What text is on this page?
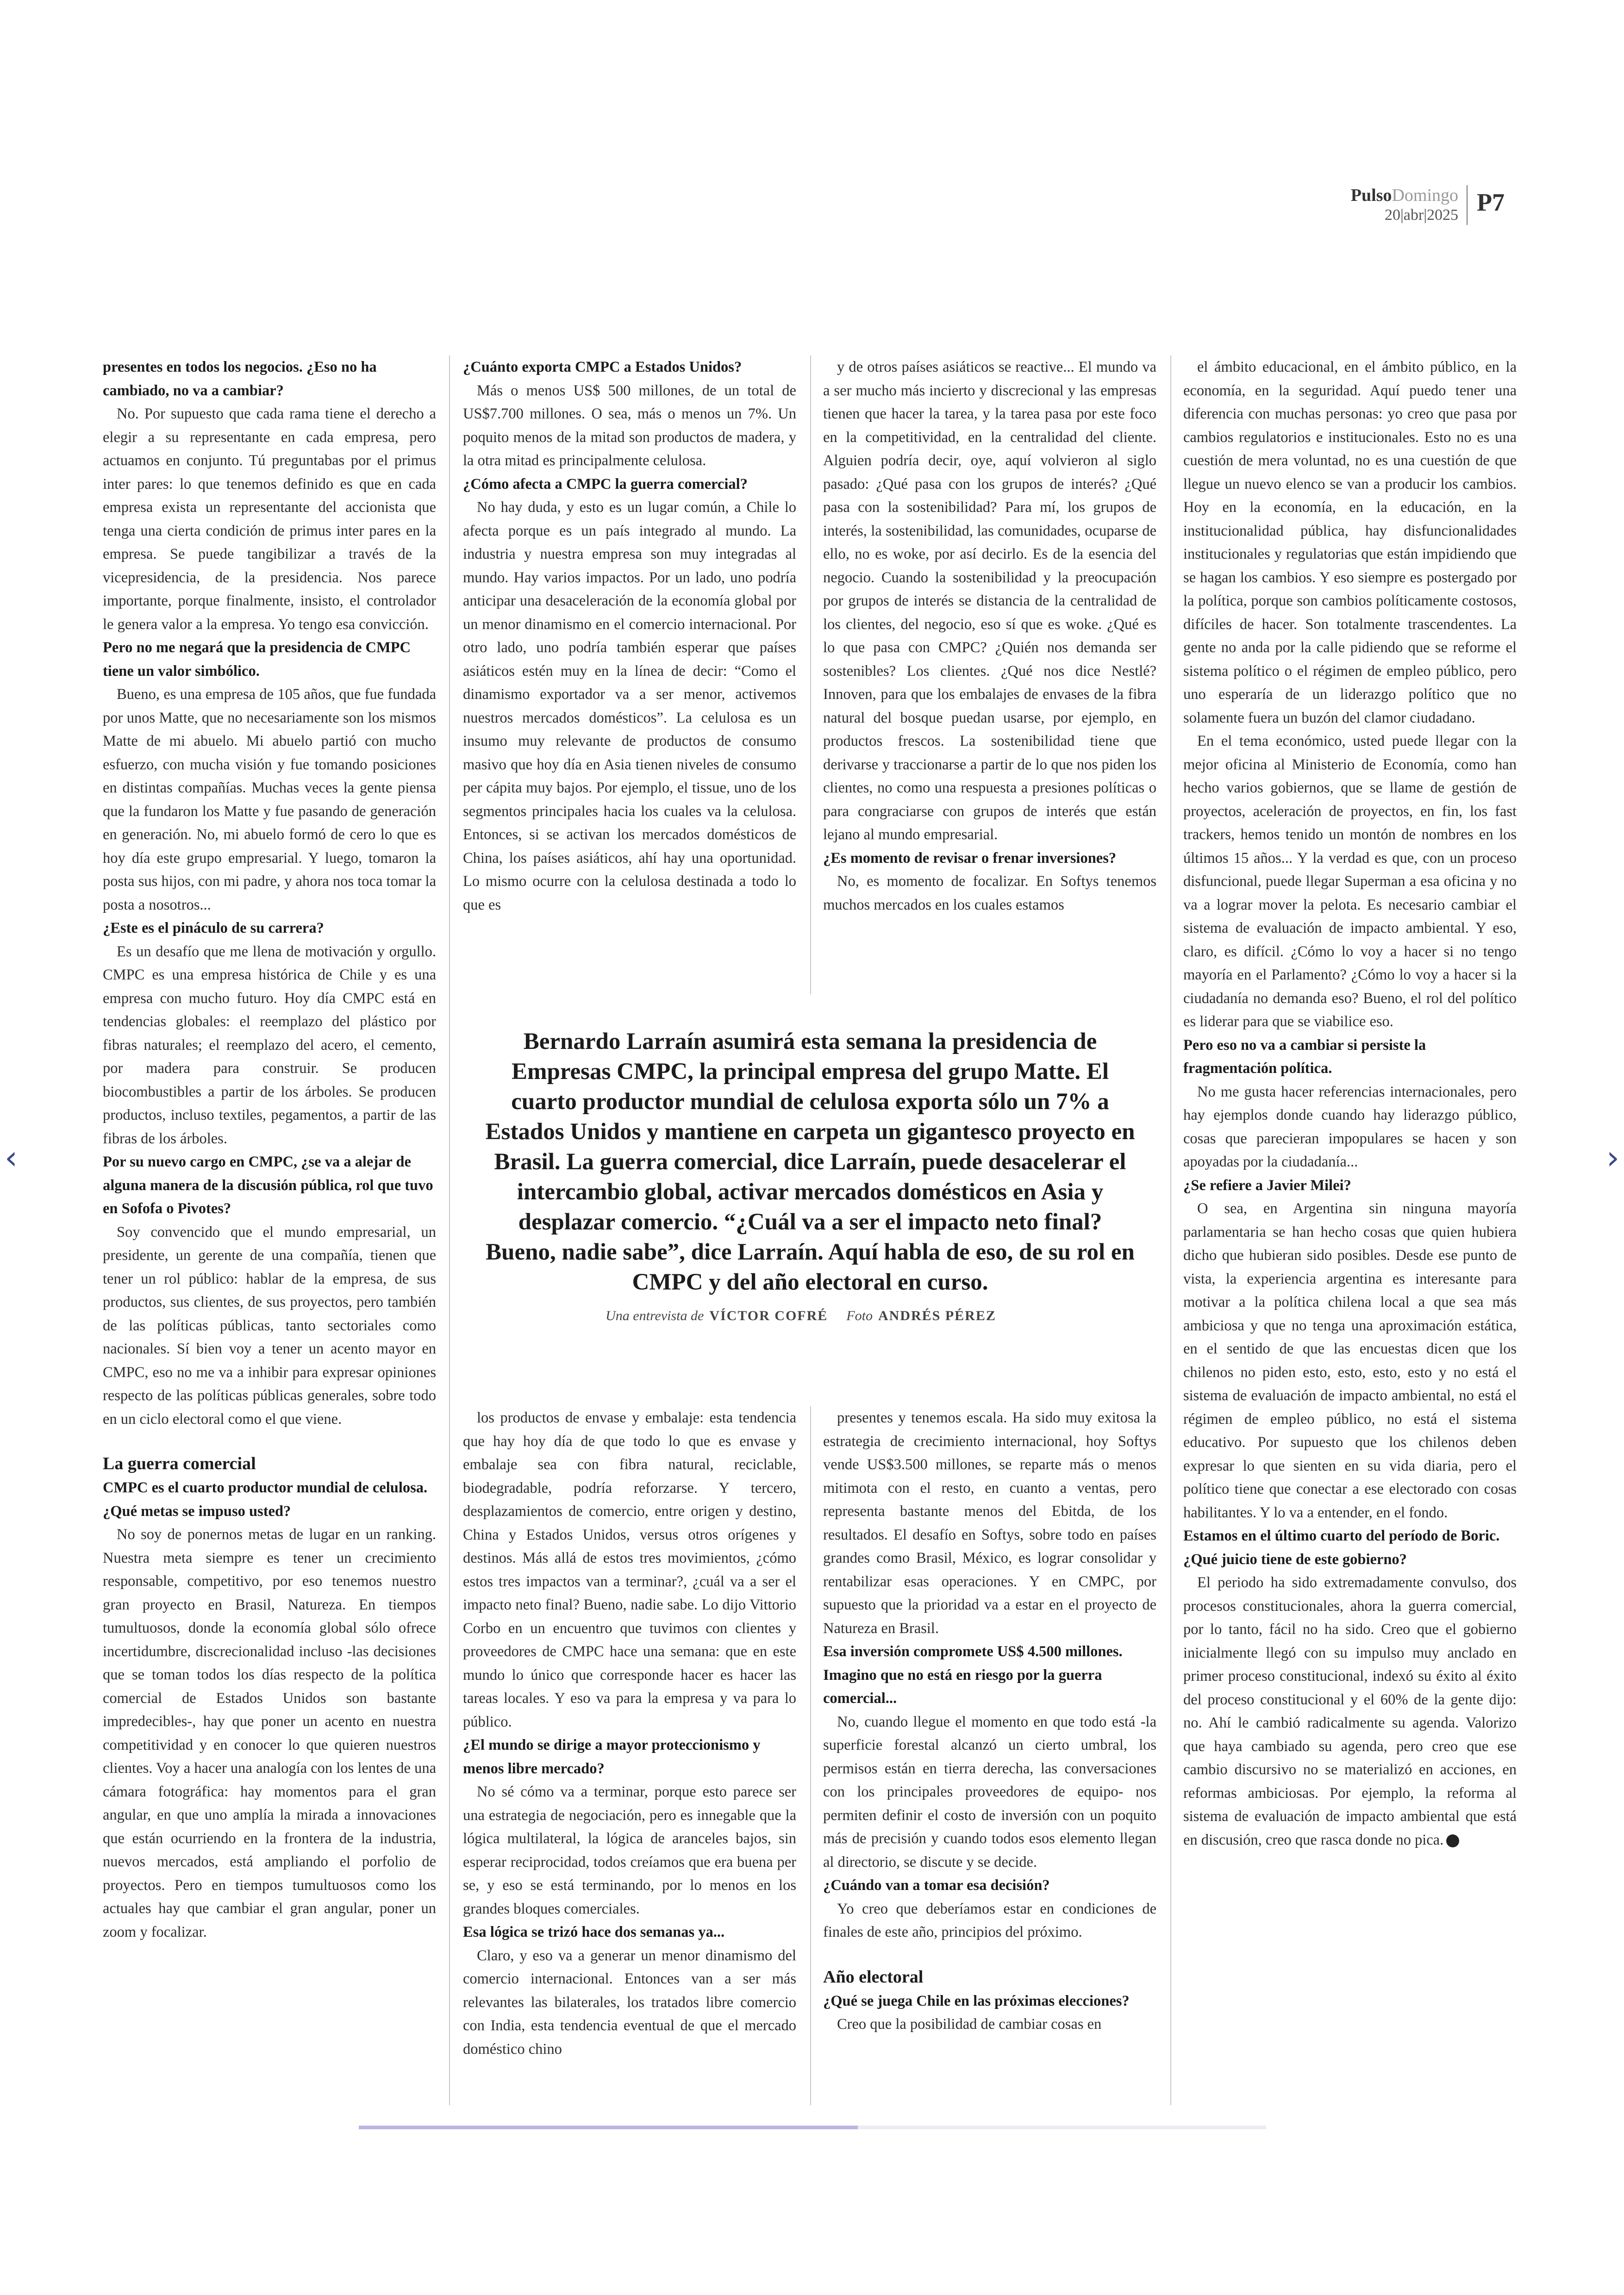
PulsoDomingo
20|abr|2025 P7

presentes en todos los negocios. ¿Eso no ha cambiado, no va a cambiar?

No. Por supuesto que cada rama tiene el derecho a elegir a su representante en cada empresa, pero actuamos en conjunto. Tú preguntabas por el primus inter pares: lo que tenemos definido es que en cada empresa exista un representante del accionista que tenga una cierta condición de primus inter pares en la empresa. Se puede tangibilizar a través de la vicepresidencia, de la presidencia. Nos parece importante, porque finalmente, insisto, el controlador le genera valor a la empresa. Yo tengo esa convicción.

Pero no me negará que la presidencia de CMPC tiene un valor simbólico.

Bueno, es una empresa de 105 años, que fue fundada por unos Matte, que no necesariamente son los mismos Matte de mi abuelo. Mi abuelo partió con mucho esfuerzo, con mucha visión y fue tomando posiciones en distintas compañías. Muchas veces la gente piensa que la fundaron los Matte y fue pasando de generación en generación. No, mi abuelo formó de cero lo que es hoy día este grupo empresarial. Y luego, tomaron la posta sus hijos, con mi padre, y ahora nos toca tomar la posta a nosotros...

¿Este es el pináculo de su carrera?

Es un desafío que me llena de motivación y orgullo. CMPC es una empresa histórica de Chile y es una empresa con mucho futuro. Hoy día CMPC está en tendencias globales: el reemplazo del plástico por fibras naturales; el reemplazo del acero, el cemento, por madera para construir. Se producen biocombustibles a partir de los árboles. Se producen productos, incluso textiles, pegamentos, a partir de las fibras de los árboles.

Por su nuevo cargo en CMPC, ¿se va a alejar de alguna manera de la discusión pública, rol que tuvo en Sofofa o Pivotes?

Soy convencido que el mundo empresarial, un presidente, un gerente de una compañía, tienen que tener un rol público: hablar de la empresa, de sus productos, sus clientes, de sus proyectos, pero también de las políticas públicas, tanto sectoriales como nacionales. Sí bien voy a tener un acento mayor en CMPC, eso no me va a inhibir para expresar opiniones respecto de las políticas públicas generales, sobre todo en un ciclo electoral como el que viene.

La guerra comercial

CMPC es el cuarto productor mundial de celulosa. ¿Qué metas se impuso usted?

No soy de ponernos metas de lugar en un ranking. Nuestra meta siempre es tener un crecimiento responsable, competitivo, por eso tenemos nuestro gran proyecto en Brasil, Natureza. En tiempos tumultuosos, donde la economía global sólo ofrece incertidumbre, discrecionalidad incluso -las decisiones que se toman todos los días respecto de la política comercial de Estados Unidos son bastante impredecibles-, hay que poner un acento en nuestra competitividad y en conocer lo que quieren nuestros clientes. Voy a hacer una analogía con los lentes de una cámara fotográfica: hay momentos para el gran angular, en que uno amplía la mirada a innovaciones que están ocurriendo en la frontera de la industria, nuevos mercados, está ampliando el porfolio de proyectos. Pero en tiempos tumultuosos como los actuales hay que cambiar el gran angular, poner un zoom y focalizar.

¿Cuánto exporta CMPC a Estados Unidos?

Más o menos US$ 500 millones, de un total de US$7.700 millones. O sea, más o menos un 7%. Un poquito menos de la mitad son productos de madera, y la otra mitad es principalmente celulosa.

¿Cómo afecta a CMPC la guerra comercial?

No hay duda, y esto es un lugar común, a Chile lo afecta porque es un país integrado al mundo. La industria y nuestra empresa son muy integradas al mundo. Hay varios impactos. Por un lado, uno podría anticipar una desaceleración de la economía global por un menor dinamismo en el comercio internacional. Por otro lado, uno podría también esperar que países asiáticos estén muy en la línea de decir: “Como el dinamismo exportador va a ser menor, activemos nuestros mercados domésticos”. La celulosa es un insumo muy relevante de productos de consumo masivo que hoy día en Asia tienen niveles de consumo per cápita muy bajos. Por ejemplo, el tissue, uno de los segmentos principales hacia los cuales va la celulosa. Entonces, si se activan los mercados domésticos de China, los países asiáticos, ahí hay una oportunidad. Lo mismo ocurre con la celulosa destinada a todo lo que es

y de otros países asiáticos se reactive... El mundo va a ser mucho más incierto y discrecional y las empresas tienen que hacer la tarea, y la tarea pasa por este foco en la competitividad, en la centralidad del cliente. Alguien podría decir, oye, aquí volvieron al siglo pasado: ¿Qué pasa con los grupos de interés? ¿Qué pasa con la sostenibilidad? Para mí, los grupos de interés, la sostenibilidad, las comunidades, ocuparse de ello, no es woke, por así decirlo. Es de la esencia del negocio. Cuando la sostenibilidad y la preocupación por grupos de interés se distancia de la centralidad de los clientes, del negocio, eso sí que es woke. ¿Qué es lo que pasa con CMPC? ¿Quién nos demanda ser sostenibles? Los clientes. ¿Qué nos dice Nestlé? Innoven, para que los embalajes de envases de la fibra natural del bosque puedan usarse, por ejemplo, en productos frescos. La sostenibilidad tiene que derivarse y traccionarse a partir de lo que nos piden los clientes, no como una respuesta a presiones políticas o para congraciarse con grupos de interés que están lejano al mundo empresarial.

¿Es momento de revisar o frenar inversiones?

No, es momento de focalizar. En Softys tenemos muchos mercados en los cuales estamos

el ámbito educacional, en el ámbito público, en la economía, en la seguridad. Aquí puedo tener una diferencia con muchas personas: yo creo que pasa por cambios regulatorios e institucionales. Esto no es una cuestión de mera voluntad, no es una cuestión de que llegue un nuevo elenco se van a producir los cambios. Hoy en la economía, en la educación, en la institucionalidad pública, hay disfuncionalidades institucionales y regulatorias que están impidiendo que se hagan los cambios. Y eso siempre es postergado por la política, porque son cambios políticamente costosos, difíciles de hacer. Son totalmente trascendentes. La gente no anda por la calle pidiendo que se reforme el sistema político o el régimen de empleo público, pero uno esperaría de un liderazgo político que no solamente fuera un buzón del clamor ciudadano.

En el tema económico, usted puede llegar con la mejor oficina al Ministerio de Economía, como han hecho varios gobiernos, que se llame de gestión de proyectos, aceleración de proyectos, en fin, los fast trackers, hemos tenido un montón de nombres en los últimos 15 años... Y la verdad es que, con un proceso disfuncional, puede llegar Superman a esa oficina y no va a lograr mover la pelota. Es necesario cambiar el sistema de evaluación de impacto ambiental. Y eso, claro, es difícil. ¿Cómo lo voy a hacer si no tengo mayoría en el Parlamento? ¿Cómo lo voy a hacer si la ciudadanía no demanda eso? Bueno, el rol del político es liderar para que se viabilice eso.

Pero eso no va a cambiar si persiste la fragmentación política.

No me gusta hacer referencias internacionales, pero hay ejemplos donde cuando hay liderazgo público, cosas que parecieran impopulares se hacen y son apoyadas por la ciudadanía...

¿Se refiere a Javier Milei?

O sea, en Argentina sin ninguna mayoría parlamentaria se han hecho cosas que quien hubiera dicho que hubieran sido posibles. Desde ese punto de vista, la experiencia argentina es interesante para motivar a la política chilena local a que sea más ambiciosa y que no tenga una aproximación estática, en el sentido de que las encuestas dicen que los chilenos no piden esto, esto, esto, esto y no está el sistema de evaluación de impacto ambiental, no está el régimen de empleo público, no está el sistema educativo. Por supuesto que los chilenos deben expresar lo que sienten en su vida diaria, pero el político tiene que conectar a ese electorado con cosas habilitantes. Y lo va a entender, en el fondo.

Estamos en el último cuarto del período de Boric. ¿Qué juicio tiene de este gobierno?

El periodo ha sido extremadamente convulso, dos procesos constitucionales, ahora la guerra comercial, por lo tanto, fácil no ha sido. Creo que el gobierno inicialmente llegó con su impulso muy anclado en primer proceso constitucional, indexó su éxito al éxito del proceso constitucional y el 60% de la gente dijo: no. Ahí le cambió radicalmente su agenda. Valorizo que haya cambiado su agenda, pero creo que ese cambio discursivo no se materializó en acciones, en reformas ambiciosas. Por ejemplo, la reforma al sistema de evaluación de impacto ambiental que está en discusión, creo que rasca donde no pica.

los productos de envase y embalaje: esta tendencia que hay hoy día de que todo lo que es envase y embalaje sea con fibra natural, reciclable, biodegradable, podría reforzarse. Y tercero, desplazamientos de comercio, entre origen y destino, China y Estados Unidos, versus otros orígenes y destinos. Más allá de estos tres movimientos, ¿cómo estos tres impactos van a terminar?, ¿cuál va a ser el impacto neto final? Bueno, nadie sabe. Lo dijo Vittorio Corbo en un encuentro que tuvimos con clientes y proveedores de CMPC hace una semana: que en este mundo lo único que corresponde hacer es hacer las tareas locales. Y eso va para la empresa y va para lo público.

¿El mundo se dirige a mayor proteccionismo y menos libre mercado?

No sé cómo va a terminar, porque esto parece ser una estrategia de negociación, pero es innegable que la lógica multilateral, la lógica de aranceles bajos, sin esperar reciprocidad, todos creíamos que era buena per se, y eso se está terminando, por lo menos en los grandes bloques comerciales.

Esa lógica se trizó hace dos semanas ya...

Claro, y eso va a generar un menor dinamismo del comercio internacional. Entonces van a ser más relevantes las bilaterales, los tratados libre comercio con India, esta tendencia eventual de que el mercado doméstico chino

presentes y tenemos escala. Ha sido muy exitosa la estrategia de crecimiento internacional, hoy Softys vende US$3.500 millones, se reparte más o menos mitimota con el resto, en cuanto a ventas, pero representa bastante menos del Ebitda, de los resultados. El desafío en Softys, sobre todo en países grandes como Brasil, México, es lograr consolidar y rentabilizar esas operaciones. Y en CMPC, por supuesto que la prioridad va a estar en el proyecto de Natureza en Brasil.

Esa inversión compromete US$ 4.500 millones. Imagino que no está en riesgo por la guerra comercial...

No, cuando llegue el momento en que todo está -la superficie forestal alcanzó un cierto umbral, los permisos están en tierra derecha, las conversaciones con los principales proveedores de equipo- nos permiten definir el costo de inversión con un poquito más de precisión y cuando todos esos elemento llegan al directorio, se discute y se decide.

¿Cuándo van a tomar esa decisión?

Yo creo que deberíamos estar en condiciones de finales de este año, principios del próximo.

Año electoral

¿Qué se juega Chile en las próximas elecciones?

Creo que la posibilidad de cambiar cosas en

Bernardo Larraín asumirá esta semana la presidencia de Empresas CMPC, la principal empresa del grupo Matte. El cuarto productor mundial de celulosa exporta sólo un 7% a Estados Unidos y mantiene en carpeta un gigantesco proyecto en Brasil. La guerra comercial, dice Larraín, puede desacelerar el intercambio global, activar mercados domésticos en Asia y desplazar comercio. “¿Cuál va a ser el impacto neto final? Bueno, nadie sabe”, dice Larraín. Aquí habla de eso, de su rol en CMPC y del año electoral en curso.
Una entrevista de VÍCTOR COFRÉ Foto ANDRÉS PÉREZ
‹	›
